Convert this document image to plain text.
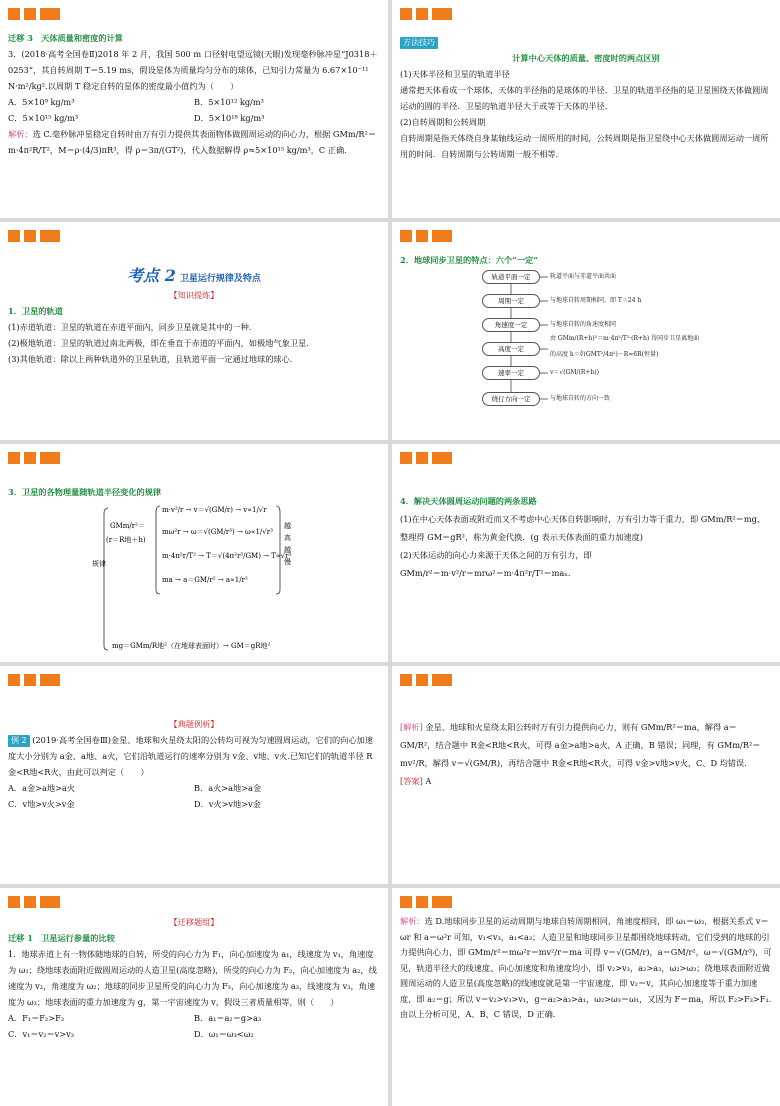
迁移 3　天体质量和密度的计算
3．(2018·高考全国卷Ⅱ)2018 年 2 月，我国 500 m 口径射电望远镜(天眼)发现毫秒脉冲星“J0318＋0253”，其自转周期 T＝5.19 ms，假设星体为质量均匀分布的球体，已知引力常量为 6.67×10⁻¹¹ N·m²/kg².以周期 T 稳定自转的星体的密度最小值约为（　　）
A．5×10⁹ kg/m³	B．5×10¹² kg/m³
C．5×10¹⁵ kg/m³	D．5×10¹⁸ kg/m³
解析：选 C.毫秒脉冲星稳定自转时由万有引力提供其表面物体做圆周运动的向心力，根据 GMm/R²＝m·4π²R/T²，M＝ρ·(4/3)πR³，得 ρ＝3π/(GT²)，代入数据解得 ρ≈5×10¹⁵ kg/m³，C 正确.
方法技巧
计算中心天体的质量、密度时的两点区别
(1)天体半径和卫星的轨道半径
通常把天体看成一个球体，天体的半径指的是球体的半径．卫星的轨道半径指的是卫星围绕天体做圆周运动的圆的半径．卫星的轨道半径大于或等于天体的半径．
(2)自转周期和公转周期
自转周期是指天体绕自身某轴线运动一周所用的时间，公转周期是指卫星绕中心天体做圆周运动一周所用的时间．自转周期与公转周期一般不相等．
考点 2 卫星运行规律及特点
【知识提炼】
1．卫星的轨道
(1)赤道轨道：卫星的轨道在赤道平面内，同步卫星就是其中的一种．
(2)极地轨道：卫星的轨道过南北两极，即在垂直于赤道的平面内，如极地气象卫星．
(3)其他轨道：除以上两种轨道外的卫星轨道，且轨道平面一定通过地球的球心．
2．地球同步卫星的特点：六个“一定”
轨道平面一定	轨道平面与赤道平面共面
周期一定	与地球自转周期相同，即 T＝24 h
角速度一定	与地球自转的角速度相同
高度一定
由 GMm/(R+h)²＝m·4π²/T²·(R+h) 得同步卫星离地面
的高度 h＝∛(GMT²/4π²)－R≈6R(恒量)
速率一定	v＝√(GM/(R+h))
绕行方向一定	与地球自转的方向一致
3．卫星的各物理量随轨道半径变化的规律
规律
GMm/r²＝
(r＝R地＋h)
m·v²/r → v＝√(GM/r) → v∝1/√r
mω²r → ω＝√(GM/r³) → ω∝1/√r³
m·4π²r/T² → T＝√(4π²r³/GM) → T∝√r³
ma → a＝GM/r² → a∝1/r²
越高越慢
mg＝GMm/R地²（在地球表面时）→ GM＝gR地²
4．解决天体圆周运动问题的两条思路
(1)在中心天体表面或附近而又不考虑中心天体自转影响时，万有引力等于重力，即 GMm/R²＝mg，整理得 GM＝gR²，称为黄金代换．(g 表示天体表面的重力加速度)
(2)天体运动的向心力来源于天体之间的万有引力，即
GMm/r²＝m·v²/r＝mrω²＝m·4π²r/T²＝maₙ.
【典题例析】
例 2 (2019·高考全国卷Ⅲ)金星、地球和火星绕太阳的公转均可视为匀速圆周运动，它们的向心加速度大小分别为 a金、a地、a火，它们沿轨道运行的速率分别为 v金、v地、v火.已知它们的轨道半径 R金<R地<R火，由此可以判定（　　）
A．a金>a地>a火	B．a火>a地>a金
C．v地>v火>v金	D．v火>v地>v金
[解析] 金星、地球和火星绕太阳公转时万有引力提供向心力，则有 GMm/R²＝ma，解得 a＝GM/R²，结合题中 R金<R地<R火，可得 a金>a地>a火，A 正确，B 错误；同理，有 GMm/R²＝mv²/R，解得 v＝√(GM/R)，再结合题中 R金<R地<R火，可得 v金>v地>v火，C、D 均错误．
[答案] A
【迁移题组】
迁移 1　卫星运行参量的比较
1．地球赤道上有一物体随地球的自转，所受的向心力为 F₁，向心加速度为 a₁，线速度为 v₁，角速度为 ω₁；绕地球表面附近做圆周运动的人造卫星(高度忽略)，所受的向心力为 F₂，向心加速度为 a₂，线速度为 v₂，角速度为 ω₂；地球的同步卫星所受的向心力为 F₃，向心加速度为 a₃，线速度为 v₃，角速度为 ω₃；地球表面的重力加速度为 g，第一宇宙速度为 v，假设三者质量相等，则（　　）
A．F₁＝F₂>F₃	B．a₁＝a₂＝g>a₃
C．v₁＝v₂＝v>v₃	D．ω₁＝ω₃<ω₂
解析：选 D.地球同步卫星的运动周期与地球自转周期相同，角速度相同，即 ω₁＝ω₃，根据关系式 v＝ωr 和 a＝ω²r 可知，v₁<v₃，a₁<a₃；人造卫星和地球同步卫星都围绕地球转动，它们受到的地球的引力提供向心力，即 GMm/r²＝mω²r＝mv²/r＝ma 可得 v＝√(GM/r)，a＝GM/r²，ω＝√(GM/r³)，可见，轨道半径大的线速度、向心加速度和角速度均小，即 v₂>v₃，a₂>a₃，ω₂>ω₃；绕地球表面附近做圆周运动的人造卫星(高度忽略)的线速度就是第一宇宙速度，即 v₂＝v，其向心加速度等于重力加速度，即 a₂＝g；所以 v＝v₂>v₃>v₁，g＝a₂>a₃>a₁，ω₂>ω₃＝ω₁，又因为 F＝ma，所以 F₂>F₃>F₁.由以上分析可见，A、B、C 错误，D 正确.
